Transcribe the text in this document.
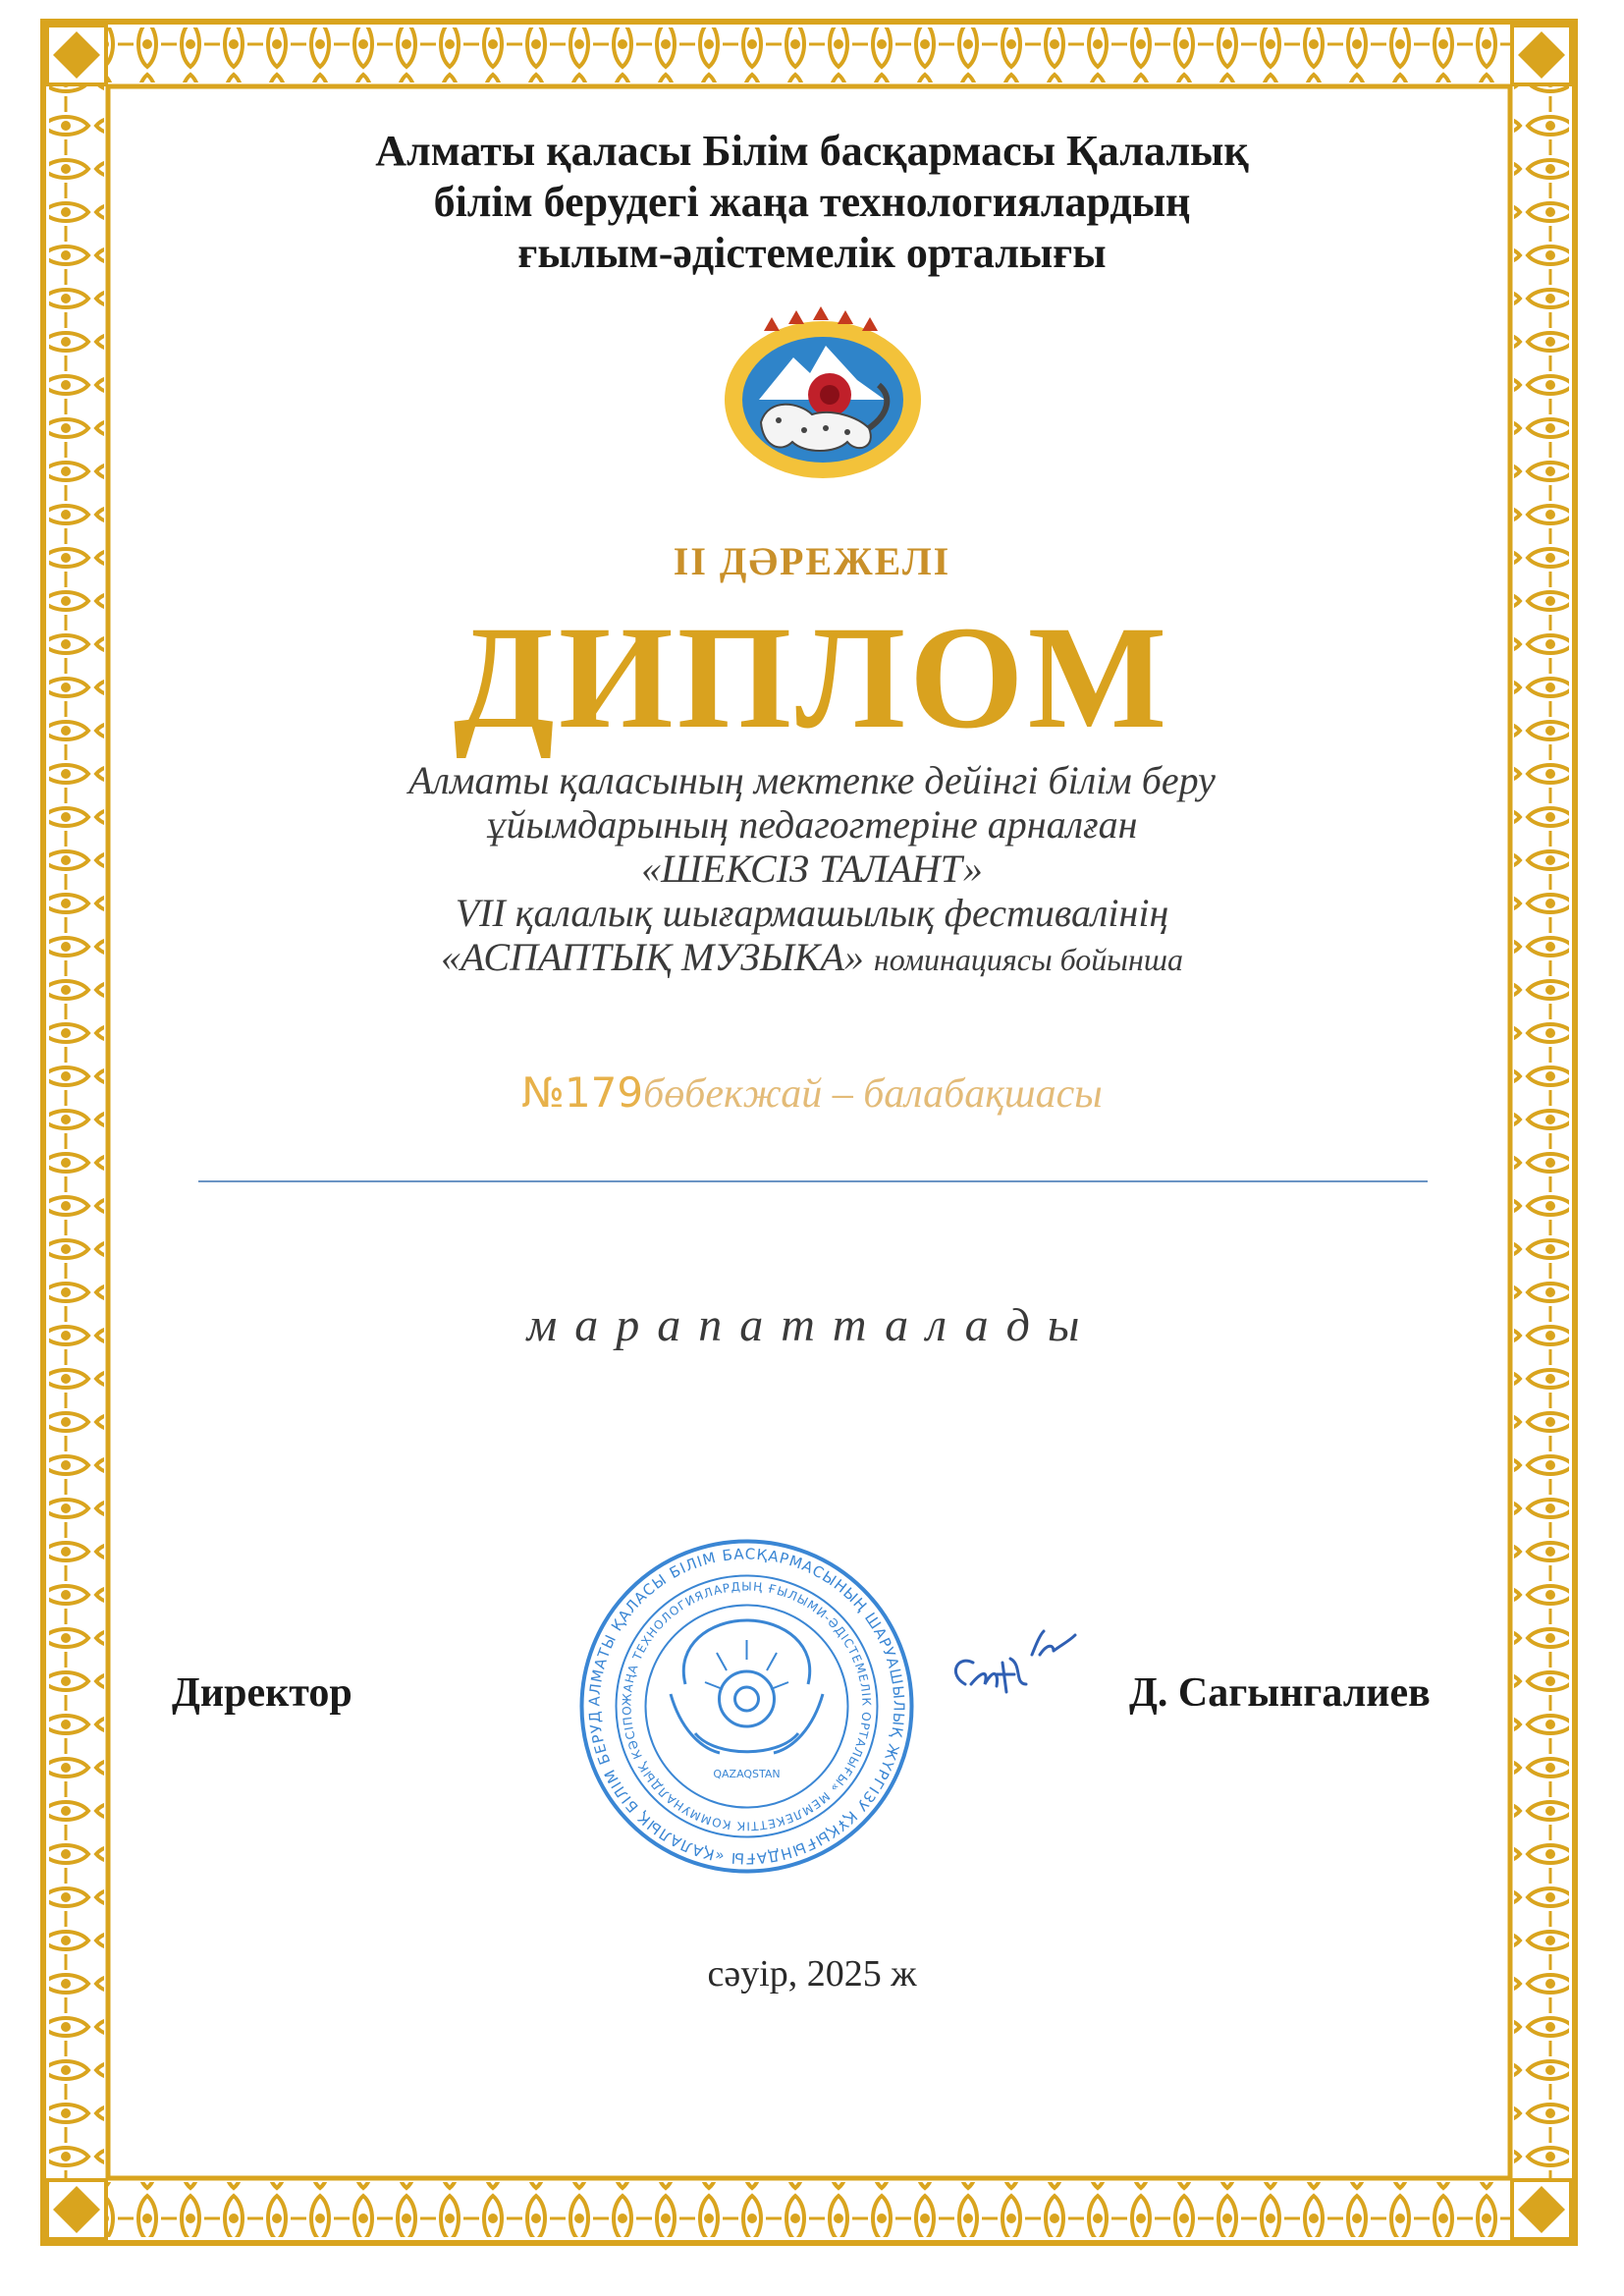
Алматы қаласы Білім басқармасы Қалалық
білім берудегі жаңа технологиялардың
ғылым-әдістемелік орталығы
II ДӘРЕЖЕЛІ
ДИПЛОМ
Алматы қаласының мектепке дейінгі білім беру
ұйымдарының педагогтеріне арналған
«ШЕКСІЗ ТАЛАНТ»
VII қалалық шығармашылық фестивалінің
«АСПАПТЫҚ МУЗЫКА» номинациясы бойынша
№179бөбекжай – балабақшасы
марапатталады
Директор	АЛМАТЫ ҚАЛАСЫ БІЛІМ БАСҚАРМАСЫНЫҢ ШАРУАШЫЛЫҚ ЖҮРГІЗУ ҚҰҚЫҒЫНДАҒЫ «ҚАЛАЛЫҚ БІЛІМ БЕРУД
ЖАҢА ТЕХНОЛОГИЯЛАРДЫҢ ҒЫЛЫМИ-ӘДІСТЕМЕЛІК ОРТАЛЫҒЫ» МЕМЛЕКЕТТІК КОММУНАЛДЫҚ КӘСІПО
QAZAQSTAN
Д. Сагынгалиев
сәуір, 2025 ж
